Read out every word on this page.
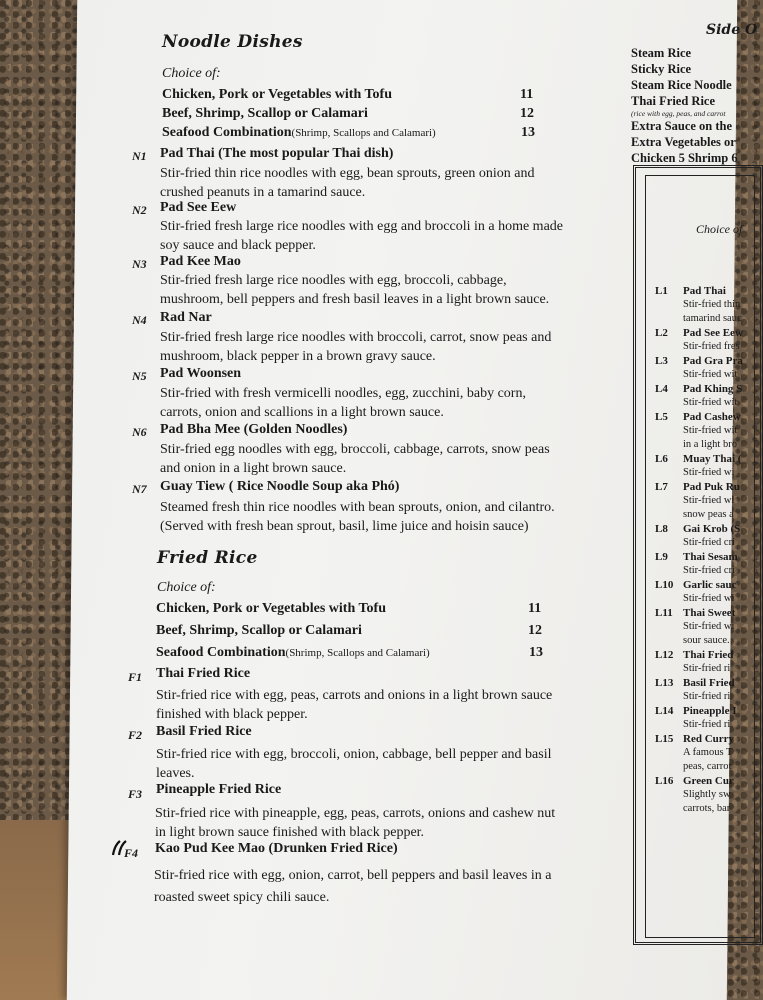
Noodle Dishes
Choice of:
Chicken, Pork or Vegetables with Tofu	11
Beef, Shrimp, Scallop or Calamari	12
Seafood Combination(Shrimp, Scallops and Calamari)	13
N1 Pad Thai (The most popular Thai dish)
Stir-fried thin rice noodles with egg, bean sprouts, green onion and
crushed peanuts in a tamarind sauce.
N2 Pad See Eew
Stir-fried fresh large rice noodles with egg and broccoli in a home made
soy sauce and black pepper.
N3 Pad Kee Mao
Stir-fried fresh large rice noodles with egg, broccoli, cabbage,
mushroom, bell peppers and fresh basil leaves in a light brown sauce.
N4 Rad Nar
Stir-fried fresh large rice noodles with broccoli, carrot, snow peas and
mushroom, black pepper in a brown gravy sauce.
N5 Pad Woonsen
Stir-fried with fresh vermicelli noodles, egg, zucchini, baby corn,
carrots, onion and scallions in a light brown sauce.
N6 Pad Bha Mee (Golden Noodles)
Stir-fried egg noodles with egg, broccoli, cabbage, carrots, snow peas
and onion in a light brown sauce.
N7 Guay Tiew ( Rice Noodle Soup aka Phó)
Steamed fresh thin rice noodles with bean sprouts, onion, and cilantro.
(Served with fresh bean sprout, basil, lime juice and hoisin sauce)
Fried Rice
Choice of:
Chicken, Pork or Vegetables with Tofu	11
Beef, Shrimp, Scallop or Calamari	12
Seafood Combination(Shrimp, Scallops and Calamari)	13
F1 Thai Fried Rice
Stir-fried rice with egg, peas, carrots and onions in a light brown sauce
finished with black pepper.
F2 Basil Fried Rice
Stir-fried rice with egg, broccoli, onion, cabbage, bell pepper and basil
leaves.
F3 Pineapple Fried Rice
Stir-fried rice with pineapple, egg, peas, carrots, onions and cashew nut
in light brown sauce finished with black pepper.
F4 Kao Pud Kee Mao (Drunken Fried Rice)
Stir-fried rice with egg, onion, carrot, bell peppers and basil leaves in a
roasted sweet spicy chili sauce.
Side O
Steam Rice
Sticky Rice
Steam Rice Noodle
Thai Fried Rice
(rice with egg, peas, and carrot
Extra Sauce on the
Extra Vegetables or
Chicken 5 Shrimp 6
Choice of
L1 Pad Thai
Stir-fried thin
tamarind sauc
L2 Pad See Eew
Stir-fried fres
L3 Pad Gra Pra
Stir-fried wit
L4 Pad Khing S
Stir-fried wit
L5 Pad Cashew
Stir-fried wit
in a light bro
L6 Muay Thai (
Stir-fried wi
L7 Pad Puk Ru
Stir-fried wi
snow peas a
L8 Gai Krob (S
Stir-fried cri
L9 Thai Sesam
Stir-fried cri
L10 Garlic sauc
Stir-fried wi
L11 Thai Sweet
Stir-fried wi
sour sauce.
L12 Thai Fried
Stir-fried ri
L13 Basil Fried
Stir-fried ri
L14 Pineapple I
Stir-fried ri
L15 Red Curry
A famous T
peas, carrot
L16 Green Cur
Slightly sw
carrots, bar
